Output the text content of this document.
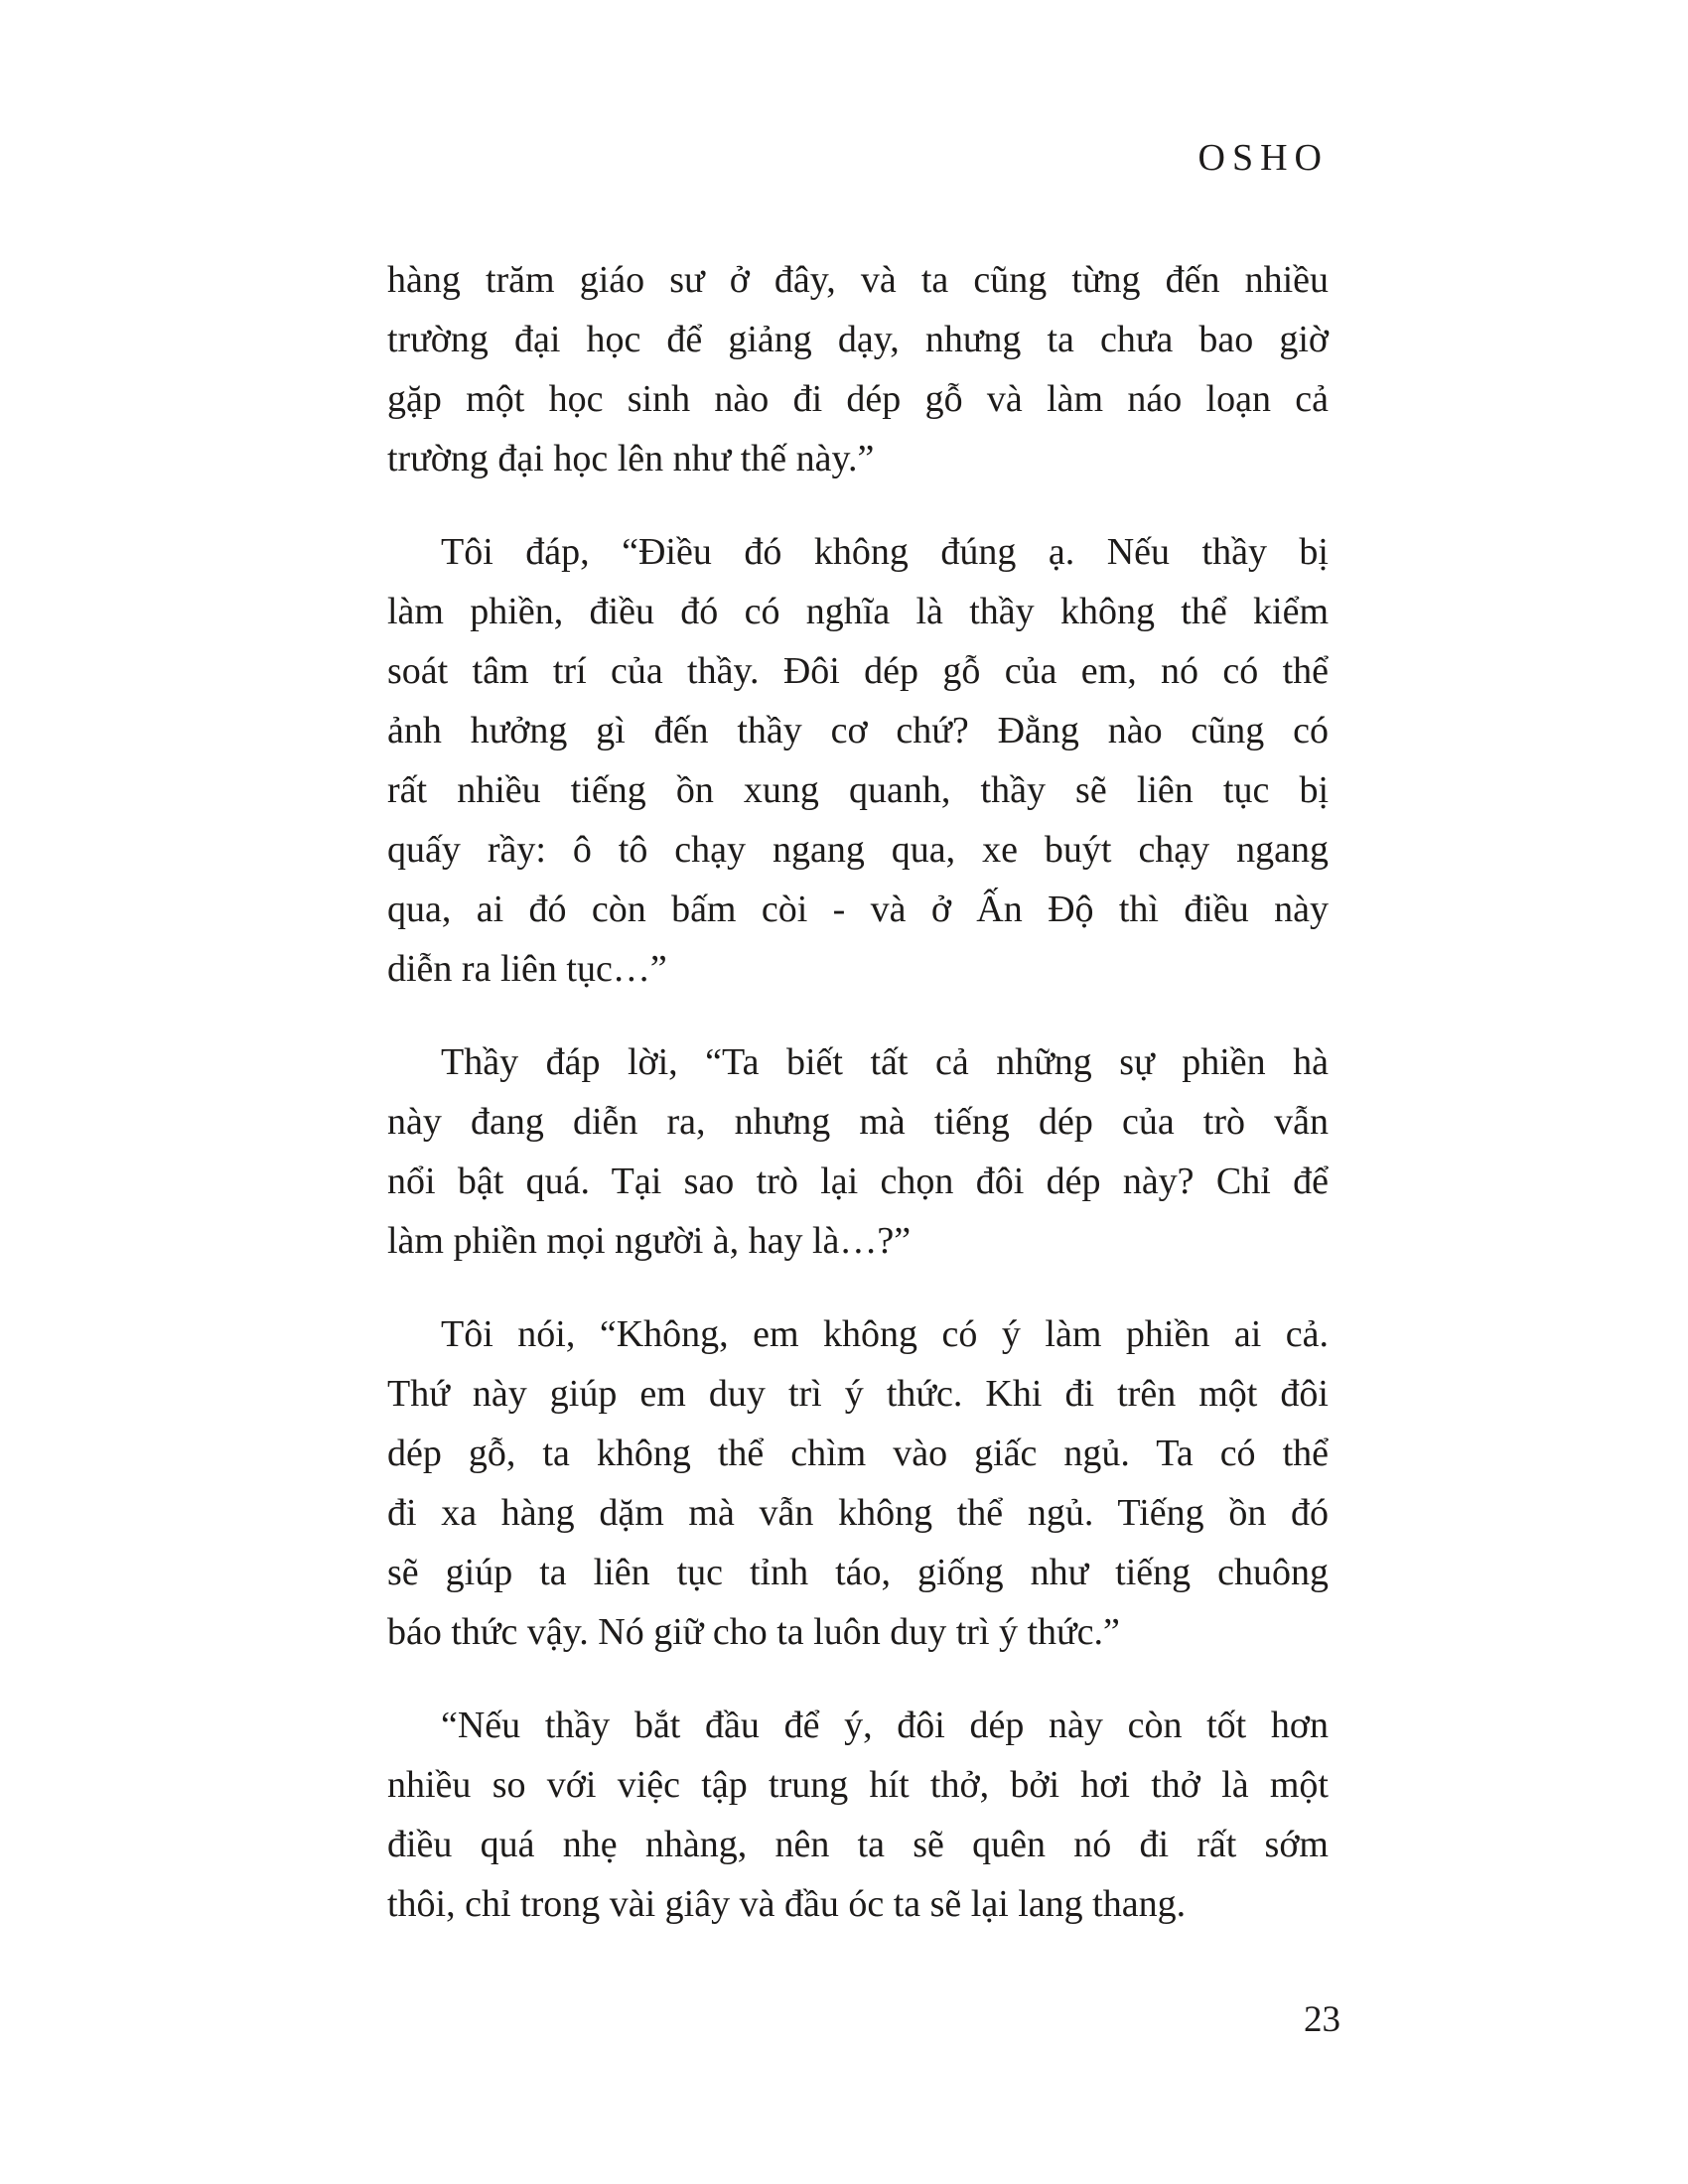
OSHO

hàng trăm giáo sư ở đây, và ta cũng từng đến nhiều
trường đại học để giảng dạy, nhưng ta chưa bao giờ
gặp một học sinh nào đi dép gỗ và làm náo loạn cả
trường đại học lên như thế này.”

Tôi đáp, “Điều đó không đúng ạ. Nếu thầy bị
làm phiền, điều đó có nghĩa là thầy không thể kiểm
soát tâm trí của thầy. Đôi dép gỗ của em, nó có thể
ảnh hưởng gì đến thầy cơ chứ? Đằng nào cũng có
rất nhiều tiếng ồn xung quanh, thầy sẽ liên tục bị
quấy rầy: ô tô chạy ngang qua, xe buýt chạy ngang
qua, ai đó còn bấm còi - và ở Ấn Độ thì điều này
diễn ra liên tục…”

Thầy đáp lời, “Ta biết tất cả những sự phiền hà
này đang diễn ra, nhưng mà tiếng dép của trò vẫn
nổi bật quá. Tại sao trò lại chọn đôi dép này? Chỉ để
làm phiền mọi người à, hay là…?”

Tôi nói, “Không, em không có ý làm phiền ai cả.
Thứ này giúp em duy trì ý thức. Khi đi trên một đôi
dép gỗ, ta không thể chìm vào giấc ngủ. Ta có thể
đi xa hàng dặm mà vẫn không thể ngủ. Tiếng ồn đó
sẽ giúp ta liên tục tỉnh táo, giống như tiếng chuông
báo thức vậy. Nó giữ cho ta luôn duy trì ý thức.”

“Nếu thầy bắt đầu để ý, đôi dép này còn tốt hơn
nhiều so với việc tập trung hít thở, bởi hơi thở là một
điều quá nhẹ nhàng, nên ta sẽ quên nó đi rất sớm
thôi, chỉ trong vài giây và đầu óc ta sẽ lại lang thang.

23
